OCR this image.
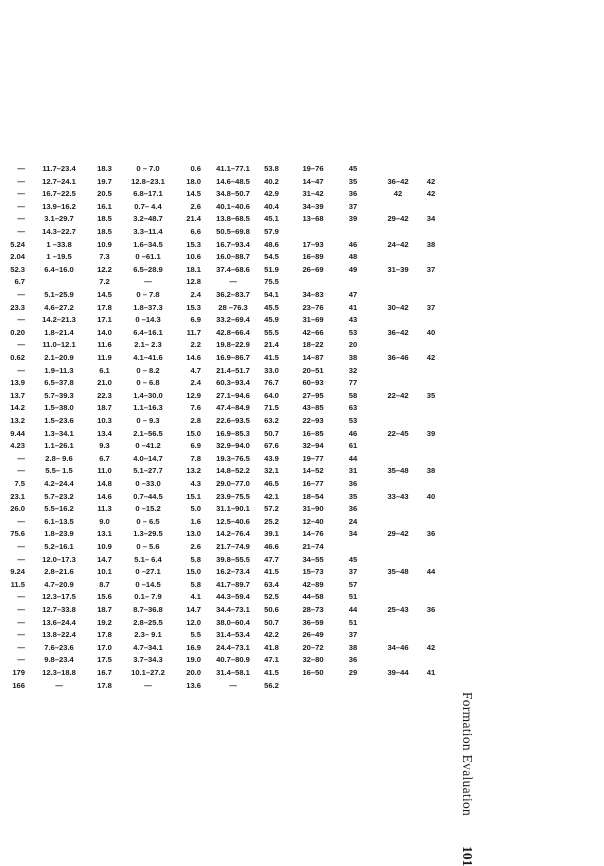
—	11.7–23.4	18.3	0 – 7.0	0.6	41.1–77.1	53.8	19–76	45
—	12.7–24.1	19.7	12.8–23.1	18.0	14.6–48.5	40.2	14–47	35	36–42	42
—	16.7–22.5	20.5	6.8–17.1	14.5	34.8–50.7	42.9	31–42	36	42	42
—	13.9–16.2	16.1	0.7– 4.4	2.6	40.1–40.6	40.4	34–39	37
—	3.1–29.7	18.5	3.2–48.7	21.4	13.8–68.5	45.1	13–68	39	29–42	34
—	14.3–22.7	18.5	3.3–11.4	6.6	50.5–69.8	57.9
5.24	1 –33.8	10.9	1.6–34.5	15.3	16.7–93.4	48.6	17–93	46	24–42	38
2.04	1 –19.5	7.3	0 –61.1	10.6	16.0–88.7	54.5	16–89	48
52.3	6.4–16.0	12.2	6.5–28.9	18.1	37.4–68.6	51.9	26–69	49	31–39	37
6.7	7.2	—	12.8	—	75.5
—	5.1–25.9	14.5	0 – 7.8	2.4	36.2–83.7	54.1	34–83	47
23.3	4.6–27.2	17.8	1.8–37.3	15.3	28 –76.3	45.5	23–76	41	30–42	37
—	14.2–21.3	17.1	0 –14.3	6.9	33.2–69.4	45.9	31–69	43
0.20	1.8–21.4	14.0	6.4–16.1	11.7	42.8–66.4	55.5	42–66	53	36–42	40
—	11.0–12.1	11.6	2.1– 2.3	2.2	19.8–22.9	21.4	18–22	20
0.62	2.1–20.9	11.9	4.1–41.6	14.6	16.9–86.7	41.5	14–87	38	36–46	42
—	1.9–11.3	6.1	0 – 8.2	4.7	21.4–51.7	33.0	20–51	32
13.9	6.5–37.8	21.0	0 – 6.8	2.4	60.3–93.4	76.7	60–93	77
13.7	5.7–39.3	22.3	1.4–30.0	12.9	27.1–94.6	64.0	27–95	58	22–42	35
14.2	1.5–38.0	18.7	1.1–16.3	7.6	47.4–84.9	71.5	43–85	63
13.2	1.5–23.6	10.3	0 – 9.3	2.8	22.6–93.5	63.2	22–93	53
9.44	1.3–34.1	13.4	2.1–56.5	15.0	16.9–85.3	50.7	16–85	46	22–45	39
4.23	1.1–26.1	9.3	0 –41.2	6.9	32.9–94.0	67.6	32–94	61
—	2.8– 9.6	6.7	4.0–14.7	7.8	19.3–76.5	43.9	19–77	44
—	5.5– 1.5	11.0	5.1–27.7	13.2	14.8–52.2	32.1	14–52	31	35–48	38
7.5	4.2–24.4	14.8	0 –33.0	4.3	29.0–77.0	46.5	16–77	36
23.1	5.7–23.2	14.6	0.7–44.5	15.1	23.9–75.5	42.1	18–54	35	33–43	40
26.0	5.5–16.2	11.3	0 –15.2	5.0	31.1–90.1	57.2	31–90	36
—	6.1–13.5	9.0	0 – 6.5	1.6	12.5–40.6	25.2	12–40	24
75.6	1.8–23.9	13.1	1.3–29.5	13.0	14.2–76.4	39.1	14–76	34	29–42	36
—	5.2–16.1	10.9	0 – 5.6	2.6	21.7–74.9	46.6	21–74
—	12.0–17.3	14.7	5.1– 6.4	5.8	39.8–55.5	47.7	34–55	45
9.24	2.8–21.6	10.1	0 –27.1	15.0	16.2–73.4	41.5	15–73	37	35–48	44
11.5	4.7–20.9	8.7	0 –14.5	5.8	41.7–89.7	63.4	42–89	57
—	12.3–17.5	15.6	0.1– 7.9	4.1	44.3–59.4	52.5	44–58	51
—	12.7–33.8	18.7	8.7–36.8	14.7	34.4–73.1	50.6	28–73	44	25–43	36
—	13.6–24.4	19.2	2.8–25.5	12.0	38.0–60.4	50.7	36–59	51
—	13.8–22.4	17.8	2.3– 9.1	5.5	31.4–53.4	42.2	26–49	37
—	7.6–23.6	17.0	4.7–34.1	16.9	24.4–73.1	41.8	20–72	38	34–46	42
—	9.8–23.4	17.5	3.7–34.3	19.0	40.7–80.9	47.1	32–80	36
179	12.3–18.8	16.7	10.1–27.2	20.0	31.4–58.1	41.5	16–50	29	39–44	41
166	—	17.8	—	13.6	—	56.2
Formation Evaluation101
